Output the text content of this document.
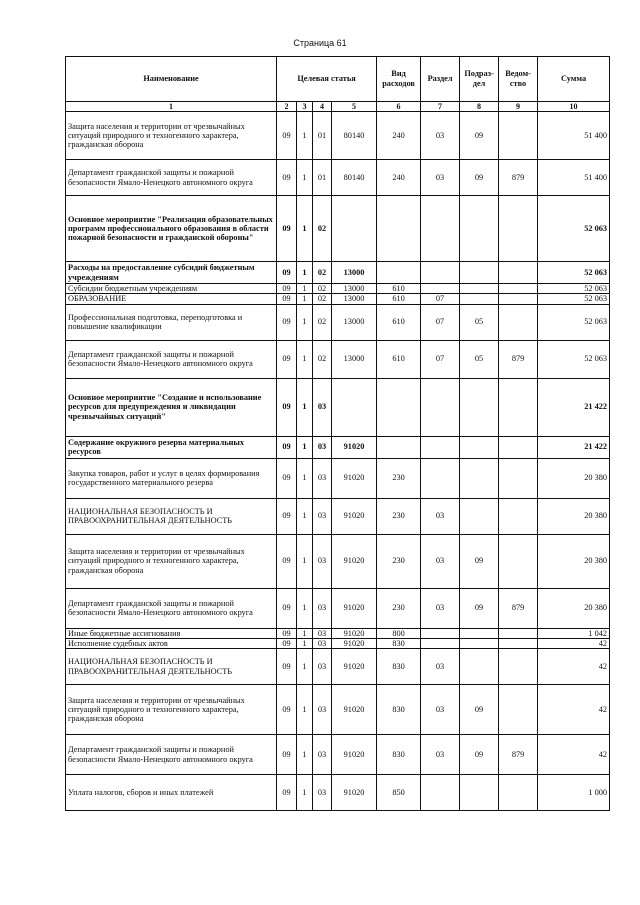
Страница 61
Наименование	Целевая статья				Вид расходов	Раздел	Подраз-дел	Ведом-ство	Сумма
1	2	3	4	5	6	7	8	9	10
Защита населения и территории от чрезвычайных ситуаций природного и техногенного характера, гражданская оборона	09	1	01	80140	240	03	09		51 400
Департамент гражданской защиты и пожарной безопасности Ямало-Ненецкого автономного округа	09	1	01	80140	240	03	09	879	51 400
Основное мероприятие "Реализация образовательных программ профессионального образования в области пожарной безопасности и гражданской обороны"	09	1	02						52 063
Расходы на предоставление субсидий бюджетным учреждениям	09	1	02	13000					52 063
Субсидии бюджетным учреждениям	09	1	02	13000	610				52 063
ОБРАЗОВАНИЕ	09	1	02	13000	610	07			52 063
Профессиональная подготовка, переподготовка и повышение квалификации	09	1	02	13000	610	07	05		52 063
Департамент гражданской защиты и пожарной безопасности Ямало-Ненецкого автономного округа	09	1	02	13000	610	07	05	879	52 063
Основное мероприятие "Создание и использование ресурсов для предупреждения и ликвидации чрезвычайных ситуаций"	09	1	03						21 422
Содержание окружного резерва материальных ресурсов	09	1	03	91020					21 422
Закупка товаров, работ и услуг в целях формирования государственного материального резерва	09	1	03	91020	230				20 380
НАЦИОНАЛЬНАЯ БЕЗОПАСНОСТЬ И ПРАВООХРАНИТЕЛЬНАЯ ДЕЯТЕЛЬНОСТЬ	09	1	03	91020	230	03			20 380
Защита населения и территории от чрезвычайных ситуаций природного и техногенного характера, гражданская оборона	09	1	03	91020	230	03	09		20 380
Департамент гражданской защиты и пожарной безопасности Ямало-Ненецкого автономного округа	09	1	03	91020	230	03	09	879	20 380
Иные бюджетные ассигнования	09	1	03	91020	800				1 042
Исполнение судебных актов	09	1	03	91020	830				42
НАЦИОНАЛЬНАЯ БЕЗОПАСНОСТЬ И ПРАВООХРАНИТЕЛЬНАЯ ДЕЯТЕЛЬНОСТЬ	09	1	03	91020	830	03			42
Защита населения и территории от чрезвычайных ситуаций природного и техногенного характера, гражданская оборона	09	1	03	91020	830	03	09		42
Департамент гражданской защиты и пожарной безопасности Ямало-Ненецкого автономного округа	09	1	03	91020	830	03	09	879	42
Уплата налогов, сборов и иных платежей	09	1	03	91020	850				1 000
